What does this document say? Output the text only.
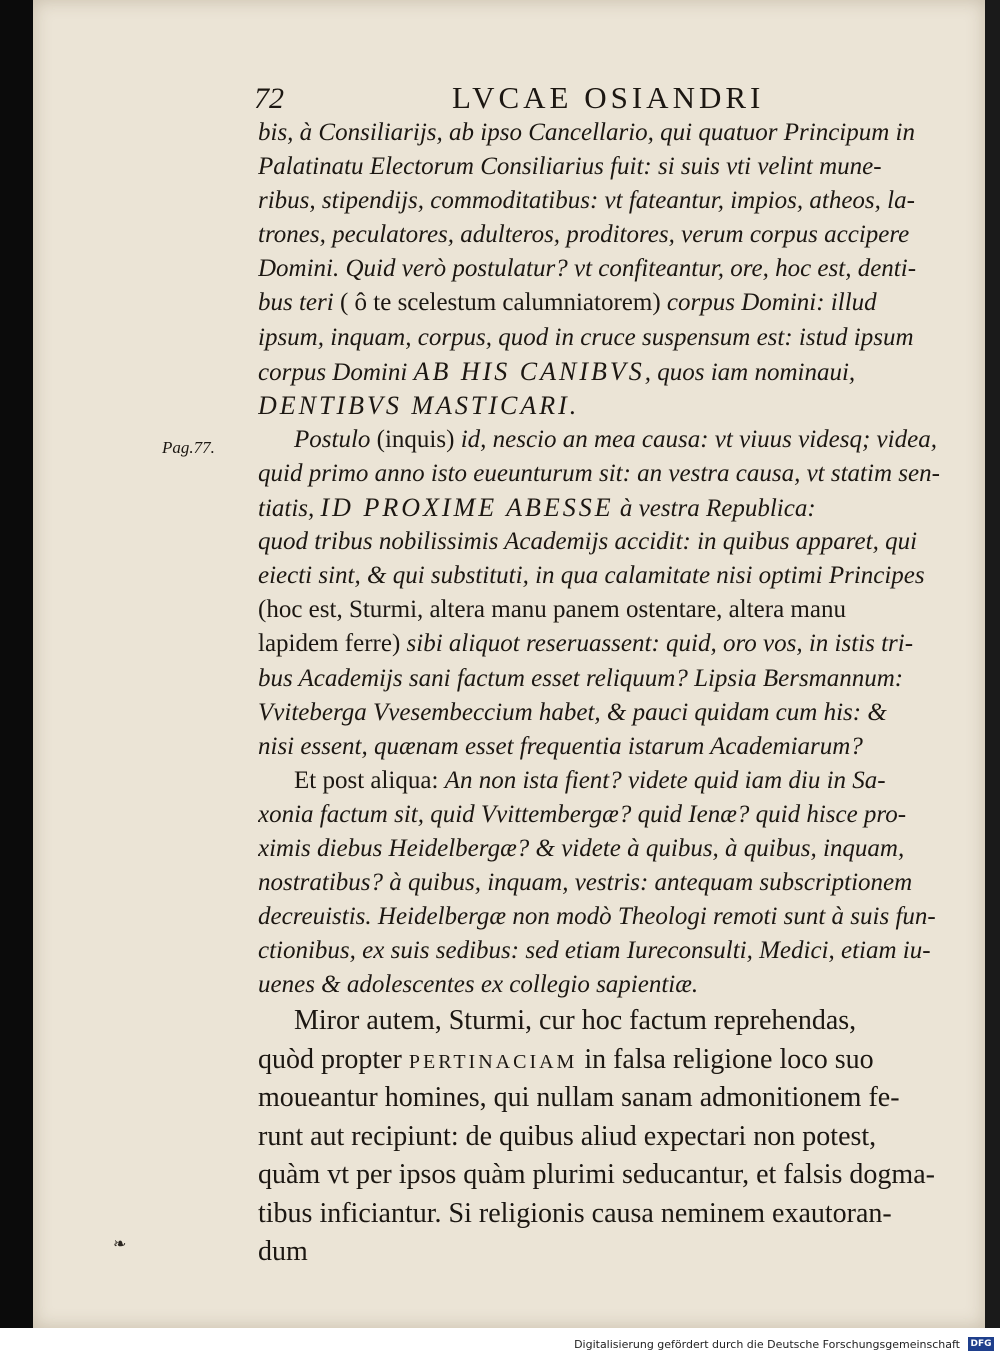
72	LVCAE OSIANDRI
Pag.77.
bis, à Consiliarijs, ab ipso Cancellario, qui quatuor Principum in
Palatinatu Electorum Consiliarius fuit: si suis vti velint mune-
ribus, stipendijs, commoditatibus: vt fateantur, impios, atheos, la-
trones, peculatores, adulteros, proditores, verum corpus accipere
Domini. Quid verò postulatur? vt confiteantur, ore, hoc est, denti-
bus teri ( ô te scelestum calumniatorem) corpus Domini: illud
ipsum, inquam, corpus, quod in cruce suspensum est: istud ipsum
corpus Domini AB HIS CANIBVS, quos iam nominaui,
DENTIBVS MASTICARI.
Postulo (inquis) id, nescio an mea causa: vt viuus videsq; videa,
quid primo anno isto eueunturum sit: an vestra causa, vt statim sen-
tiatis, ID PROXIME ABESSE à vestra Republica:
quod tribus nobilissimis Academijs accidit: in quibus apparet, qui
eiecti sint, & qui substituti, in qua calamitate nisi optimi Principes
(hoc est, Sturmi, altera manu panem ostentare, altera manu
lapidem ferre) sibi aliquot reseruassent: quid, oro vos, in istis tri-
bus Academijs sani factum esset reliquum? Lipsia Bersmannum:
Vviteberga Vvesembeccium habet, & pauci quidam cum his: &
nisi essent, quænam esset frequentia istarum Academiarum?
Et post aliqua: An non ista fient? videte quid iam diu in Sa-
xonia factum sit, quid Vvittembergæ? quid Ienæ? quid hisce pro-
ximis diebus Heidelbergæ? & videte à quibus, à quibus, inquam,
nostratibus? à quibus, inquam, vestris: antequam subscriptionem
decreuistis. Heidelbergæ non modò Theologi remoti sunt à suis fun-
ctionibus, ex suis sedibus: sed etiam Iureconsulti, Medici, etiam iu-
uenes & adolescentes ex collegio sapientiæ.
Miror autem, Sturmi, cur hoc factum reprehendas,
quòd propter PERTINACIAM in falsa religione loco suo
moueantur homines, qui nullam sanam admonitionem fe-
runt aut recipiunt: de quibus aliud expectari non potest,
quàm vt per ipsos quàm plurimi seducantur, et falsis dogma-
tibus inficiantur. Si religionis causa neminem exautoran-
dum
❧
Digitalisierung gefördert durch die Deutsche Forschungsgemeinschaft DFG
